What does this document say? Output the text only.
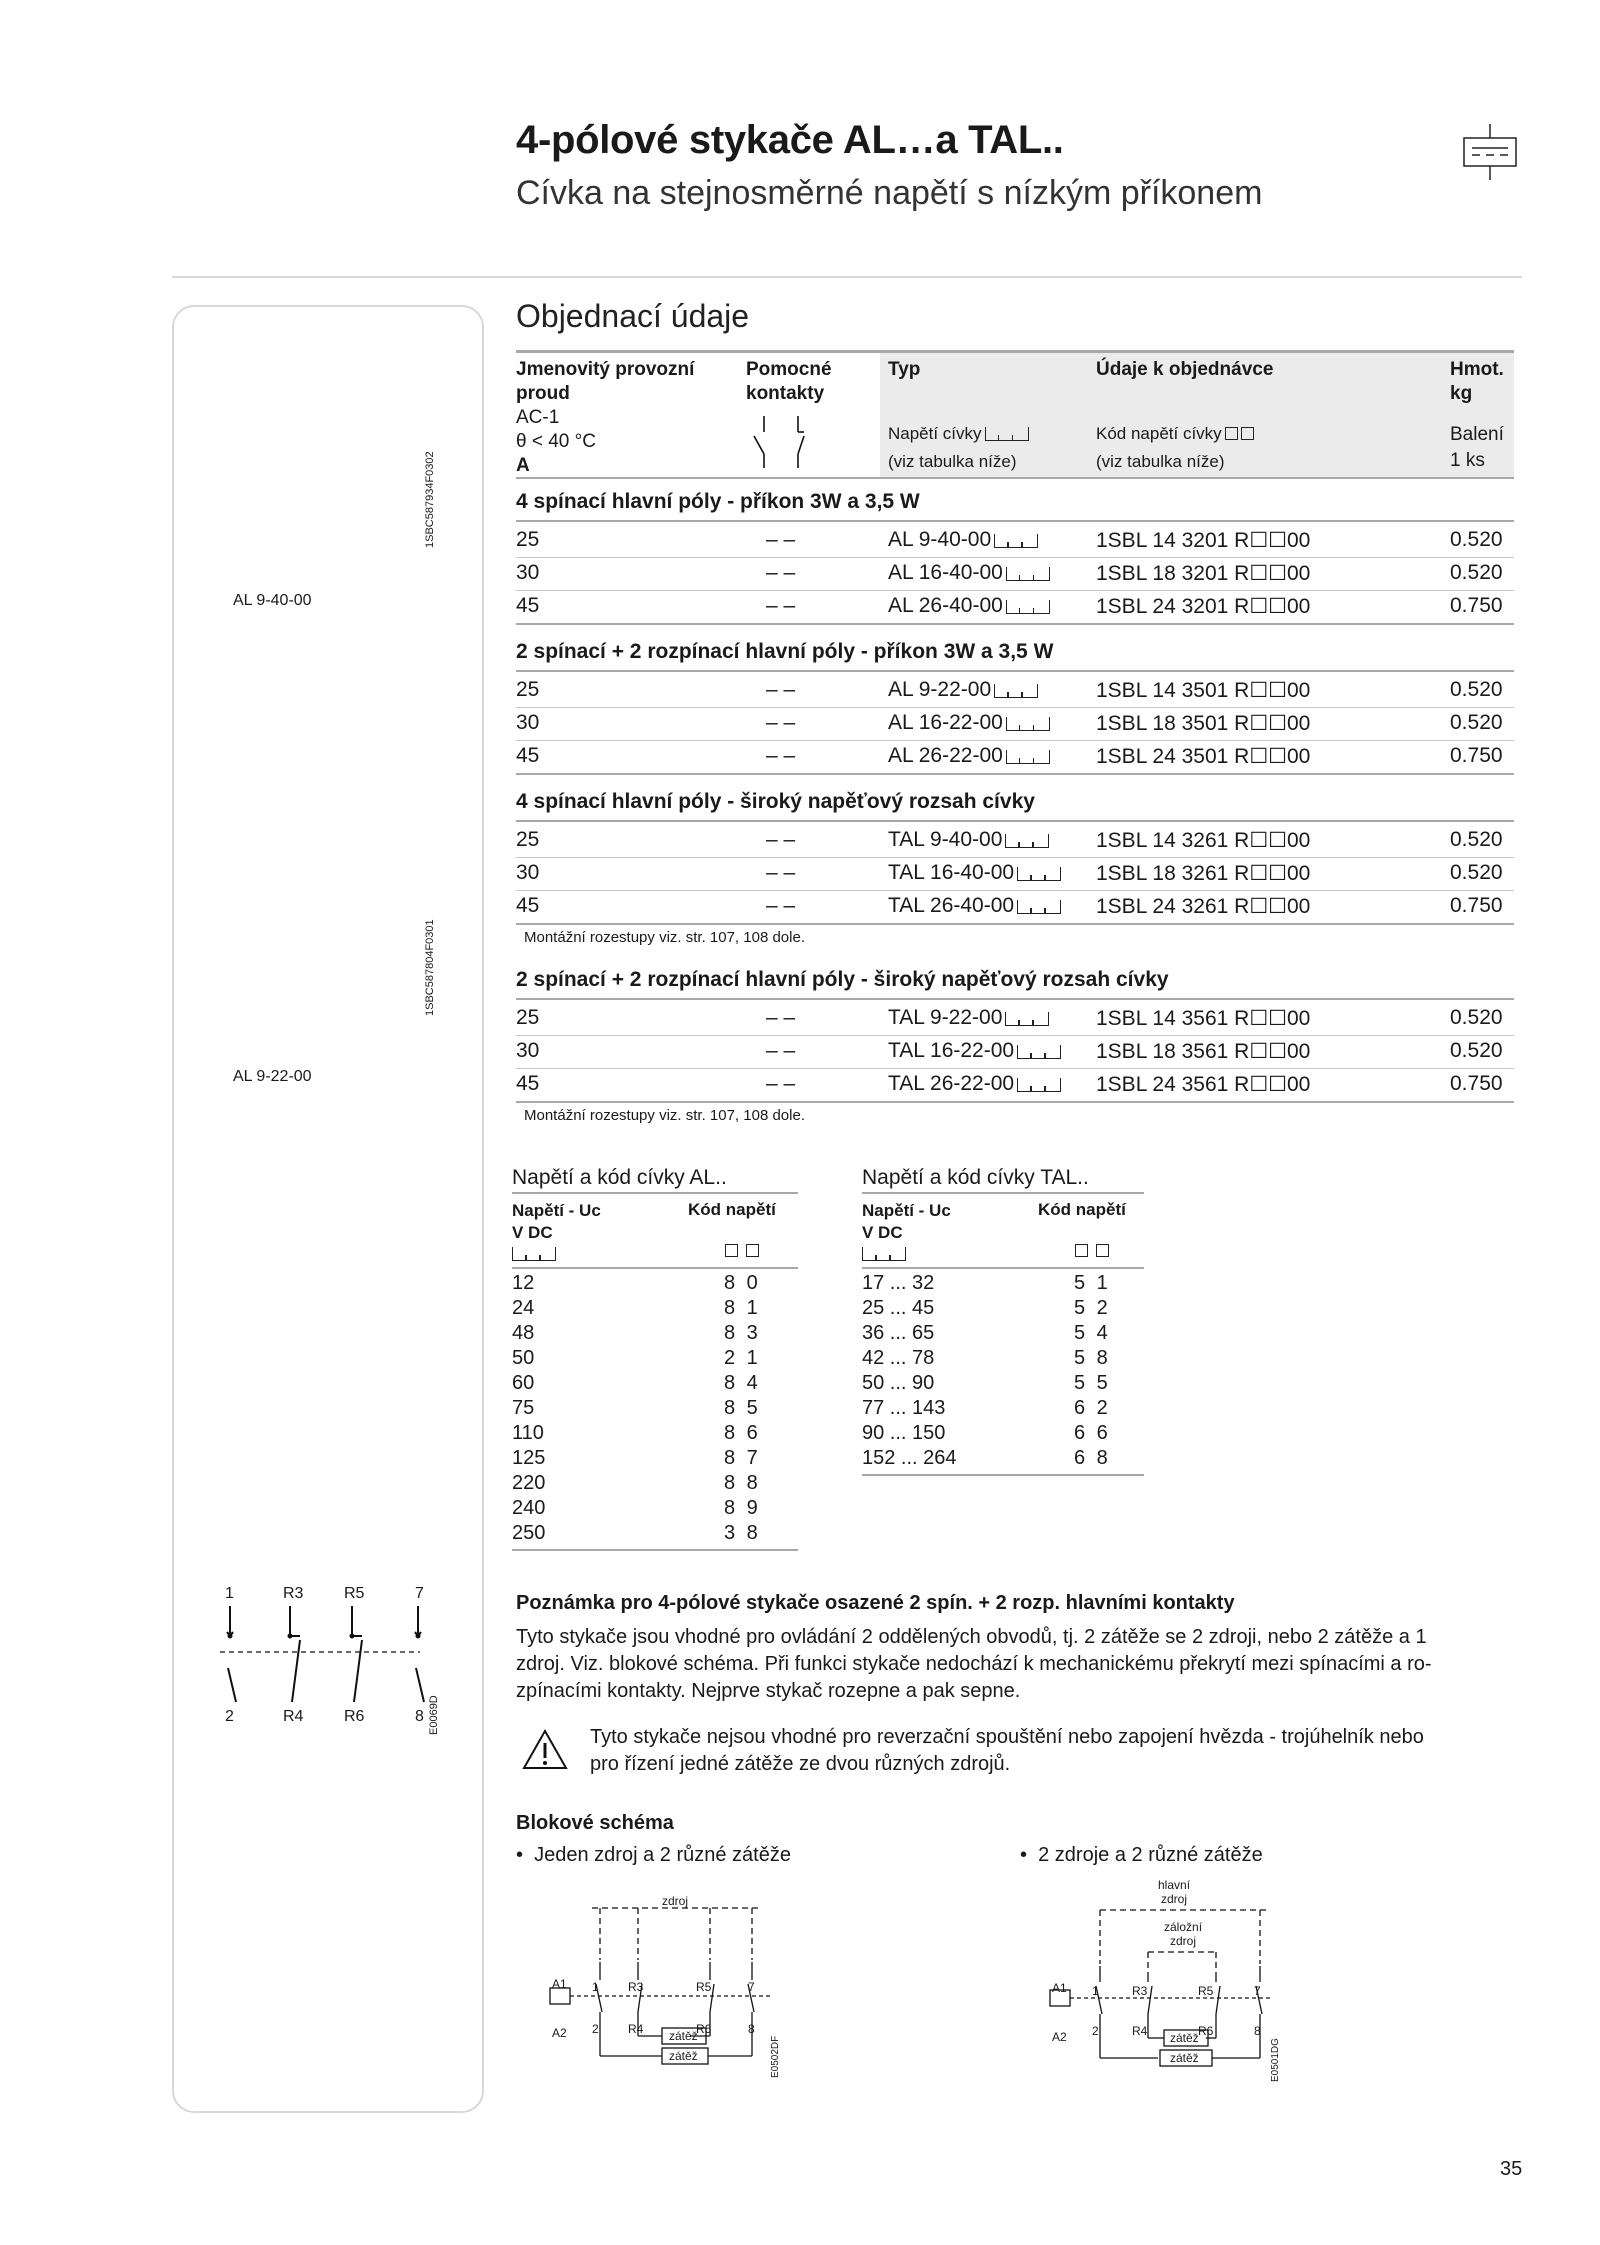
4-pólové stykače AL…a TAL..
Cívka na stejnosměrné napětí s nízkým příkonem
1SBC587934F0302
AL 9-40-00
1SBC587804F0301
AL 9-22-00
1	R3	R5	7
2	R4	R6	8 E0069D
Objednací údaje
Jmenovitý provozní
proud
AC-1
θ < 40 °C
A
Pomocné
kontakty
Typ
Napětí cívky
(viz tabulka níže)
Údaje k objednávce
Kód napětí cívky
(viz tabulka níže)
Hmot.
kg
Balení
1 ks
4 spínací hlavní póly - příkon 3W a 3,5 W
25	– –	AL 9-40-00	1SBL 14 3201 R☐☐00	0.520
30	– –	AL 16-40-00	1SBL 18 3201 R☐☐00	0.520
45	– –	AL 26-40-00	1SBL 24 3201 R☐☐00	0.750
2 spínací + 2 rozpínací hlavní póly - příkon 3W a 3,5 W
25	– –	AL 9-22-00	1SBL 14 3501 R☐☐00	0.520
30	– –	AL 16-22-00	1SBL 18 3501 R☐☐00	0.520
45	– –	AL 26-22-00	1SBL 24 3501 R☐☐00	0.750
4 spínací hlavní póly - široký napěťový rozsah cívky
25	– –	TAL 9-40-00	1SBL 14 3261 R☐☐00	0.520
30	– –	TAL 16-40-00	1SBL 18 3261 R☐☐00	0.520
45	– –	TAL 26-40-00	1SBL 24 3261 R☐☐00	0.750
Montážní rozestupy viz. str. 107, 108 dole.
2 spínací + 2 rozpínací hlavní póly - široký napěťový rozsah cívky
25	– –	TAL 9-22-00	1SBL 14 3561 R☐☐00	0.520
30	– –	TAL 16-22-00	1SBL 18 3561 R☐☐00	0.520
45	– –	TAL 26-22-00	1SBL 24 3561 R☐☐00	0.750
Montážní rozestupy viz. str. 107, 108 dole.
Napětí a kód cívky AL..
Napětí - Uc
V DC
Kód napětí
12	8 0
24	8 1
48	8 3
50	2 1
60	8 4
75	8 5
110	8 6
125	8 7
220	8 8
240	8 9
250	3 8
Napětí a kód cívky TAL..
Napětí - Uc
V DC
Kód napětí
17 ... 32	5 1
25 ... 45	5 2
36 ... 65	5 4
42 ... 78	5 8
50 ... 90	5 5
77 ... 143	6 2
90 ... 150	6 6
152 ... 264	6 8
Poznámka pro 4-pólové stykače osazené 2 spín. + 2 rozp. hlavními kontakty
Tyto stykače jsou vhodné pro ovládání 2 oddělených obvodů, tj. 2 zátěže se 2 zdroji, nebo 2 zátěže a 1
zdroj. Viz. blokové schéma. Při funkci stykače nedochází k mechanickému překrytí mezi spínacími a ro-
zpínacími kontakty. Nejprve stykač rozepne a pak sepne.
Tyto stykače nejsou vhodné pro reverzační spouštění nebo zapojení hvězda - trojúhelník nebo
pro řízení jedné zátěže ze dvou různých zdrojů.
Blokové schéma
•  Jeden zdroj a 2 různé zátěže	•  2 zdroje a 2 různé zátěže
zdroj
A1
A2
1 R3	R5	7
2 R4	R6	8
zátěž
zátěž	E0502DF
hlavní
zdroj
záložní
zdroj
A1
A2
1	R3	R5	7
2	R4	R6	8
zátěž
zátěž	E0501DG
35
